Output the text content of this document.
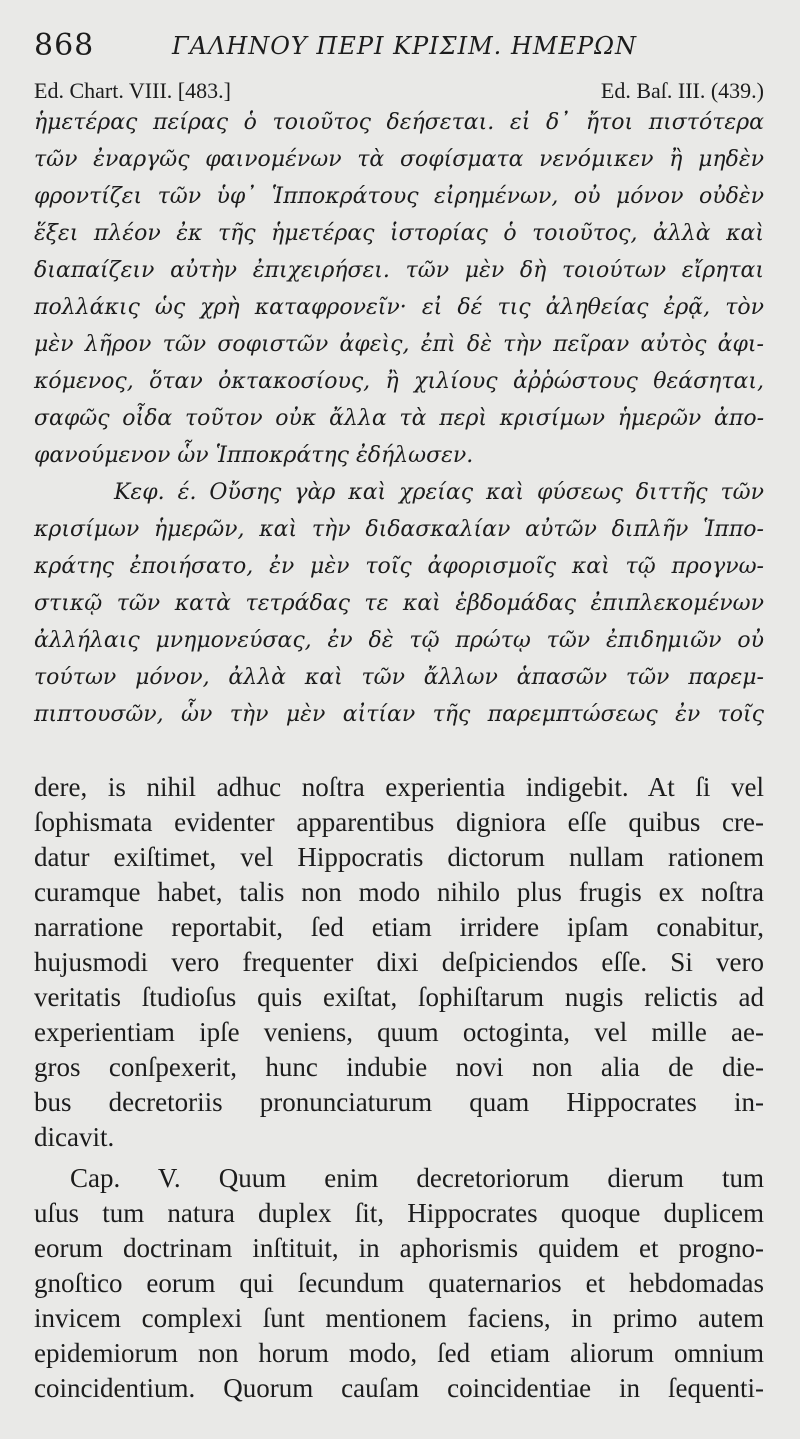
868	ΓΑΛΗΝΟΥ ΠΕΡΙ ΚΡΙΣΙΜ. ΗΜΕΡΩΝ
Ed. Chart. VIII. [483.]	Ed. Baſ. III. (439.)
ἡμετέρας πείρας ὁ τοιοῦτος δεήσεται. εἰ δ᾽ ἤτοι πιστότερα
τῶν ἐναργῶς φαινομένων τὰ σοφίσματα νενόμικεν ἢ μηδὲν
φροντίζει τῶν ὑφ᾽ Ἱπποκράτους εἰρημένων, οὐ μόνον οὐδὲν
ἕξει πλέον ἐκ τῆς ἡμετέρας ἱστορίας ὁ τοιοῦτος, ἀλλὰ καὶ
διαπαίζειν αὐτὴν ἐπιχειρήσει. τῶν μὲν δὴ τοιούτων εἴρηται
πολλάκις ὡς χρὴ καταφρονεῖν· εἰ δέ τις ἀληθείας ἐρᾷ, τὸν
μὲν λῆρον τῶν σοφιστῶν ἀφεὶς, ἐπὶ δὲ τὴν πεῖραν αὐτὸς ἀφι-
κόμενος, ὅταν ὀκτακοσίους, ἢ χιλίους ἀῤῥώστους θεάσηται,
σαφῶς οἶδα τοῦτον οὐκ ἄλλα τὰ περὶ κρισίμων ἡμερῶν ἀπο-
φανούμενον ὧν Ἱπποκράτης ἐδήλωσεν.
Κεφ. έ. Οὔσης γὰρ καὶ χρείας καὶ φύσεως διττῆς τῶν
κρισίμων ἡμερῶν, καὶ τὴν διδασκαλίαν αὐτῶν διπλῆν Ἱππο-
κράτης ἐποιήσατο, ἐν μὲν τοῖς ἀφορισμοῖς καὶ τῷ προγνω-
στικῷ τῶν κατὰ τετράδας τε καὶ ἑβδομάδας ἐπιπλεκομένων
ἀλλήλαις μνημονεύσας, ἐν δὲ τῷ πρώτῳ τῶν ἐπιδημιῶν οὐ
τούτων μόνον, ἀλλὰ καὶ τῶν ἄλλων ἁπασῶν τῶν παρεμ-
πιπτουσῶν, ὧν τὴν μὲν αἰτίαν τῆς παρεμπτώσεως ἐν τοῖς
dere, is nihil adhuc noſtra experientia indigebit. At ſi vel
ſophismata evidenter apparentibus digniora eſſe quibus cre-
datur exiſtimet, vel Hippocratis dictorum nullam rationem
curamque habet, talis non modo nihilo plus frugis ex noſtra
narratione reportabit, ſed etiam irridere ipſam conabitur,
hujusmodi vero frequenter dixi deſpiciendos eſſe. Si vero
veritatis ſtudioſus quis exiſtat, ſophiſtarum nugis relictis ad
experientiam ipſe veniens, quum octoginta, vel mille ae-
gros conſpexerit, hunc indubie novi non alia de die-
bus decretoriis pronunciaturum quam Hippocrates in-
dicavit.
Cap. V. Quum enim decretoriorum dierum tum
uſus tum natura duplex ſit, Hippocrates quoque duplicem
eorum doctrinam inſtituit, in aphorismis quidem et progno-
gnoſtico eorum qui ſecundum quaternarios et hebdomadas
invicem complexi ſunt mentionem faciens, in primo autem
epidemiorum non horum modo, ſed etiam aliorum omnium
coincidentium. Quorum cauſam coincidentiae in ſequenti-
